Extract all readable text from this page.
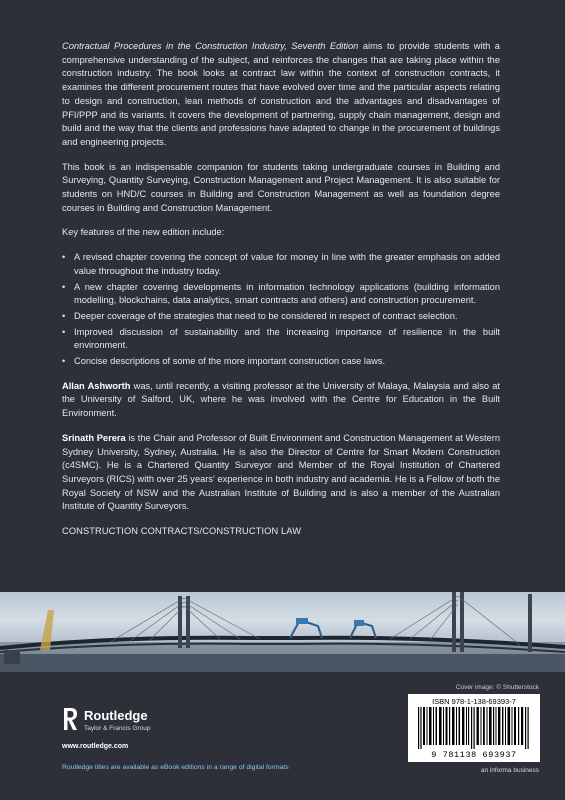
Contractual Procedures in the Construction Industry, Seventh Edition aims to provide students with a comprehensive understanding of the subject, and reinforces the changes that are taking place within the construction industry. The book looks at contract law within the context of construction contracts, it examines the different procurement routes that have evolved over time and the particular aspects relating to design and construction, lean methods of construction and the advantages and disadvantages of PFI/PPP and its variants. It covers the development of partnering, supply chain management, design and build and the way that the clients and professions have adapted to change in the procurement of buildings and engineering projects.

This book is an indispensable companion for students taking undergraduate courses in Building and Surveying, Quantity Surveying, Construction Management and Project Management. It is also suitable for students on HND/C courses in Building and Construction Management as well as foundation degree courses in Building and Construction Management.

Key features of the new edition include:

• A revised chapter covering the concept of value for money in line with the greater emphasis on added value throughout the industry today.
• A new chapter covering developments in information technology applications (building information modelling, blockchains, data analytics, smart contracts and others) and construction procurement.
• Deeper coverage of the strategies that need to be considered in respect of contract selection.
• Improved discussion of sustainability and the increasing importance of resilience in the built environment.
• Concise descriptions of some of the more important construction case laws.

Allan Ashworth was, until recently, a visiting professor at the University of Malaya, Malaysia and also at the University of Salford, UK, where he was involved with the Centre for Education in the Built Environment.

Srinath Perera is the Chair and Professor of Built Environment and Construction Management at Western Sydney University, Sydney, Australia. He is also the Director of Centre for Smart Modern Construction (c4SMC). He is a Chartered Quantity Surveyor and Member of the Royal Institution of Chartered Surveyors (RICS) with over 25 years' experience in both industry and academia. He is a Fellow of both the Royal Society of NSW and the Australian Institute of Building and is also a member of the Australian Institute of Quantity Surveyors.

CONSTRUCTION CONTRACTS/CONSTRUCTION LAW

Cover image: © Shutterstock
Routledge
Taylor & Francis Group
www.routledge.com
Routledge titles are available as eBook editions in a range of digital formats
ISBN 978-1-138-69393-7
9 781138 693937
an informa business
